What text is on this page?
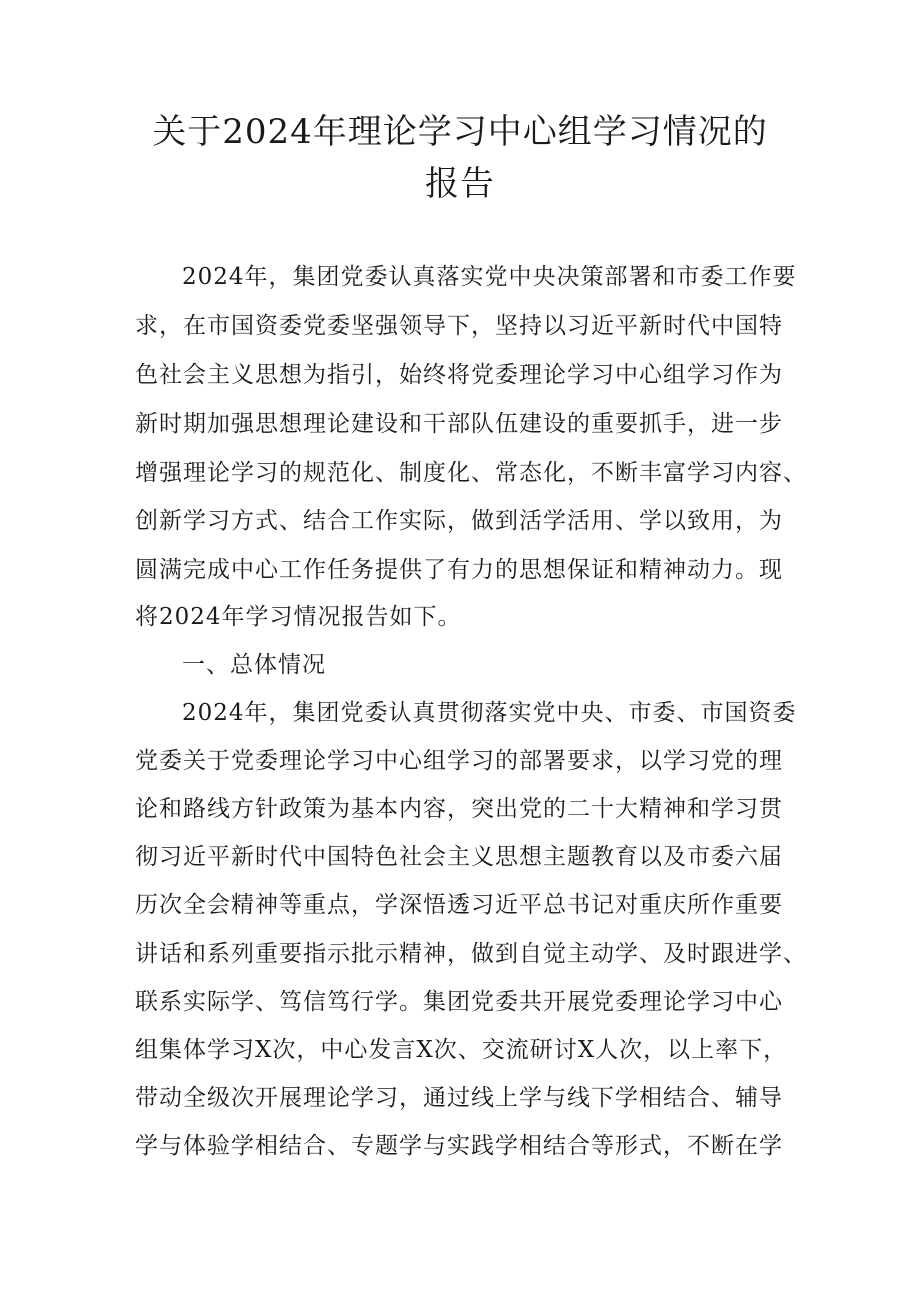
关于2024年理论学习中心组学习情况的
报告
2024年，集团党委认真落实党中央决策部署和市委工作要
求，在市国资委党委坚强领导下，坚持以习近平新时代中国特
色社会主义思想为指引，始终将党委理论学习中心组学习作为
新时期加强思想理论建设和干部队伍建设的重要抓手，进一步
增强理论学习的规范化、制度化、常态化，不断丰富学习内容、
创新学习方式、结合工作实际，做到活学活用、学以致用，为
圆满完成中心工作任务提供了有力的思想保证和精神动力。现
将2024年学习情况报告如下。
一、总体情况
2024年，集团党委认真贯彻落实党中央、市委、市国资委
党委关于党委理论学习中心组学习的部署要求，以学习党的理
论和路线方针政策为基本内容，突出党的二十大精神和学习贯
彻习近平新时代中国特色社会主义思想主题教育以及市委六届
历次全会精神等重点，学深悟透习近平总书记对重庆所作重要
讲话和系列重要指示批示精神，做到自觉主动学、及时跟进学、
联系实际学、笃信笃行学。集团党委共开展党委理论学习中心
组集体学习X次，中心发言X次、交流研讨X人次，以上率下，
带动全级次开展理论学习，通过线上学与线下学相结合、辅导
学与体验学相结合、专题学与实践学相结合等形式，不断在学
